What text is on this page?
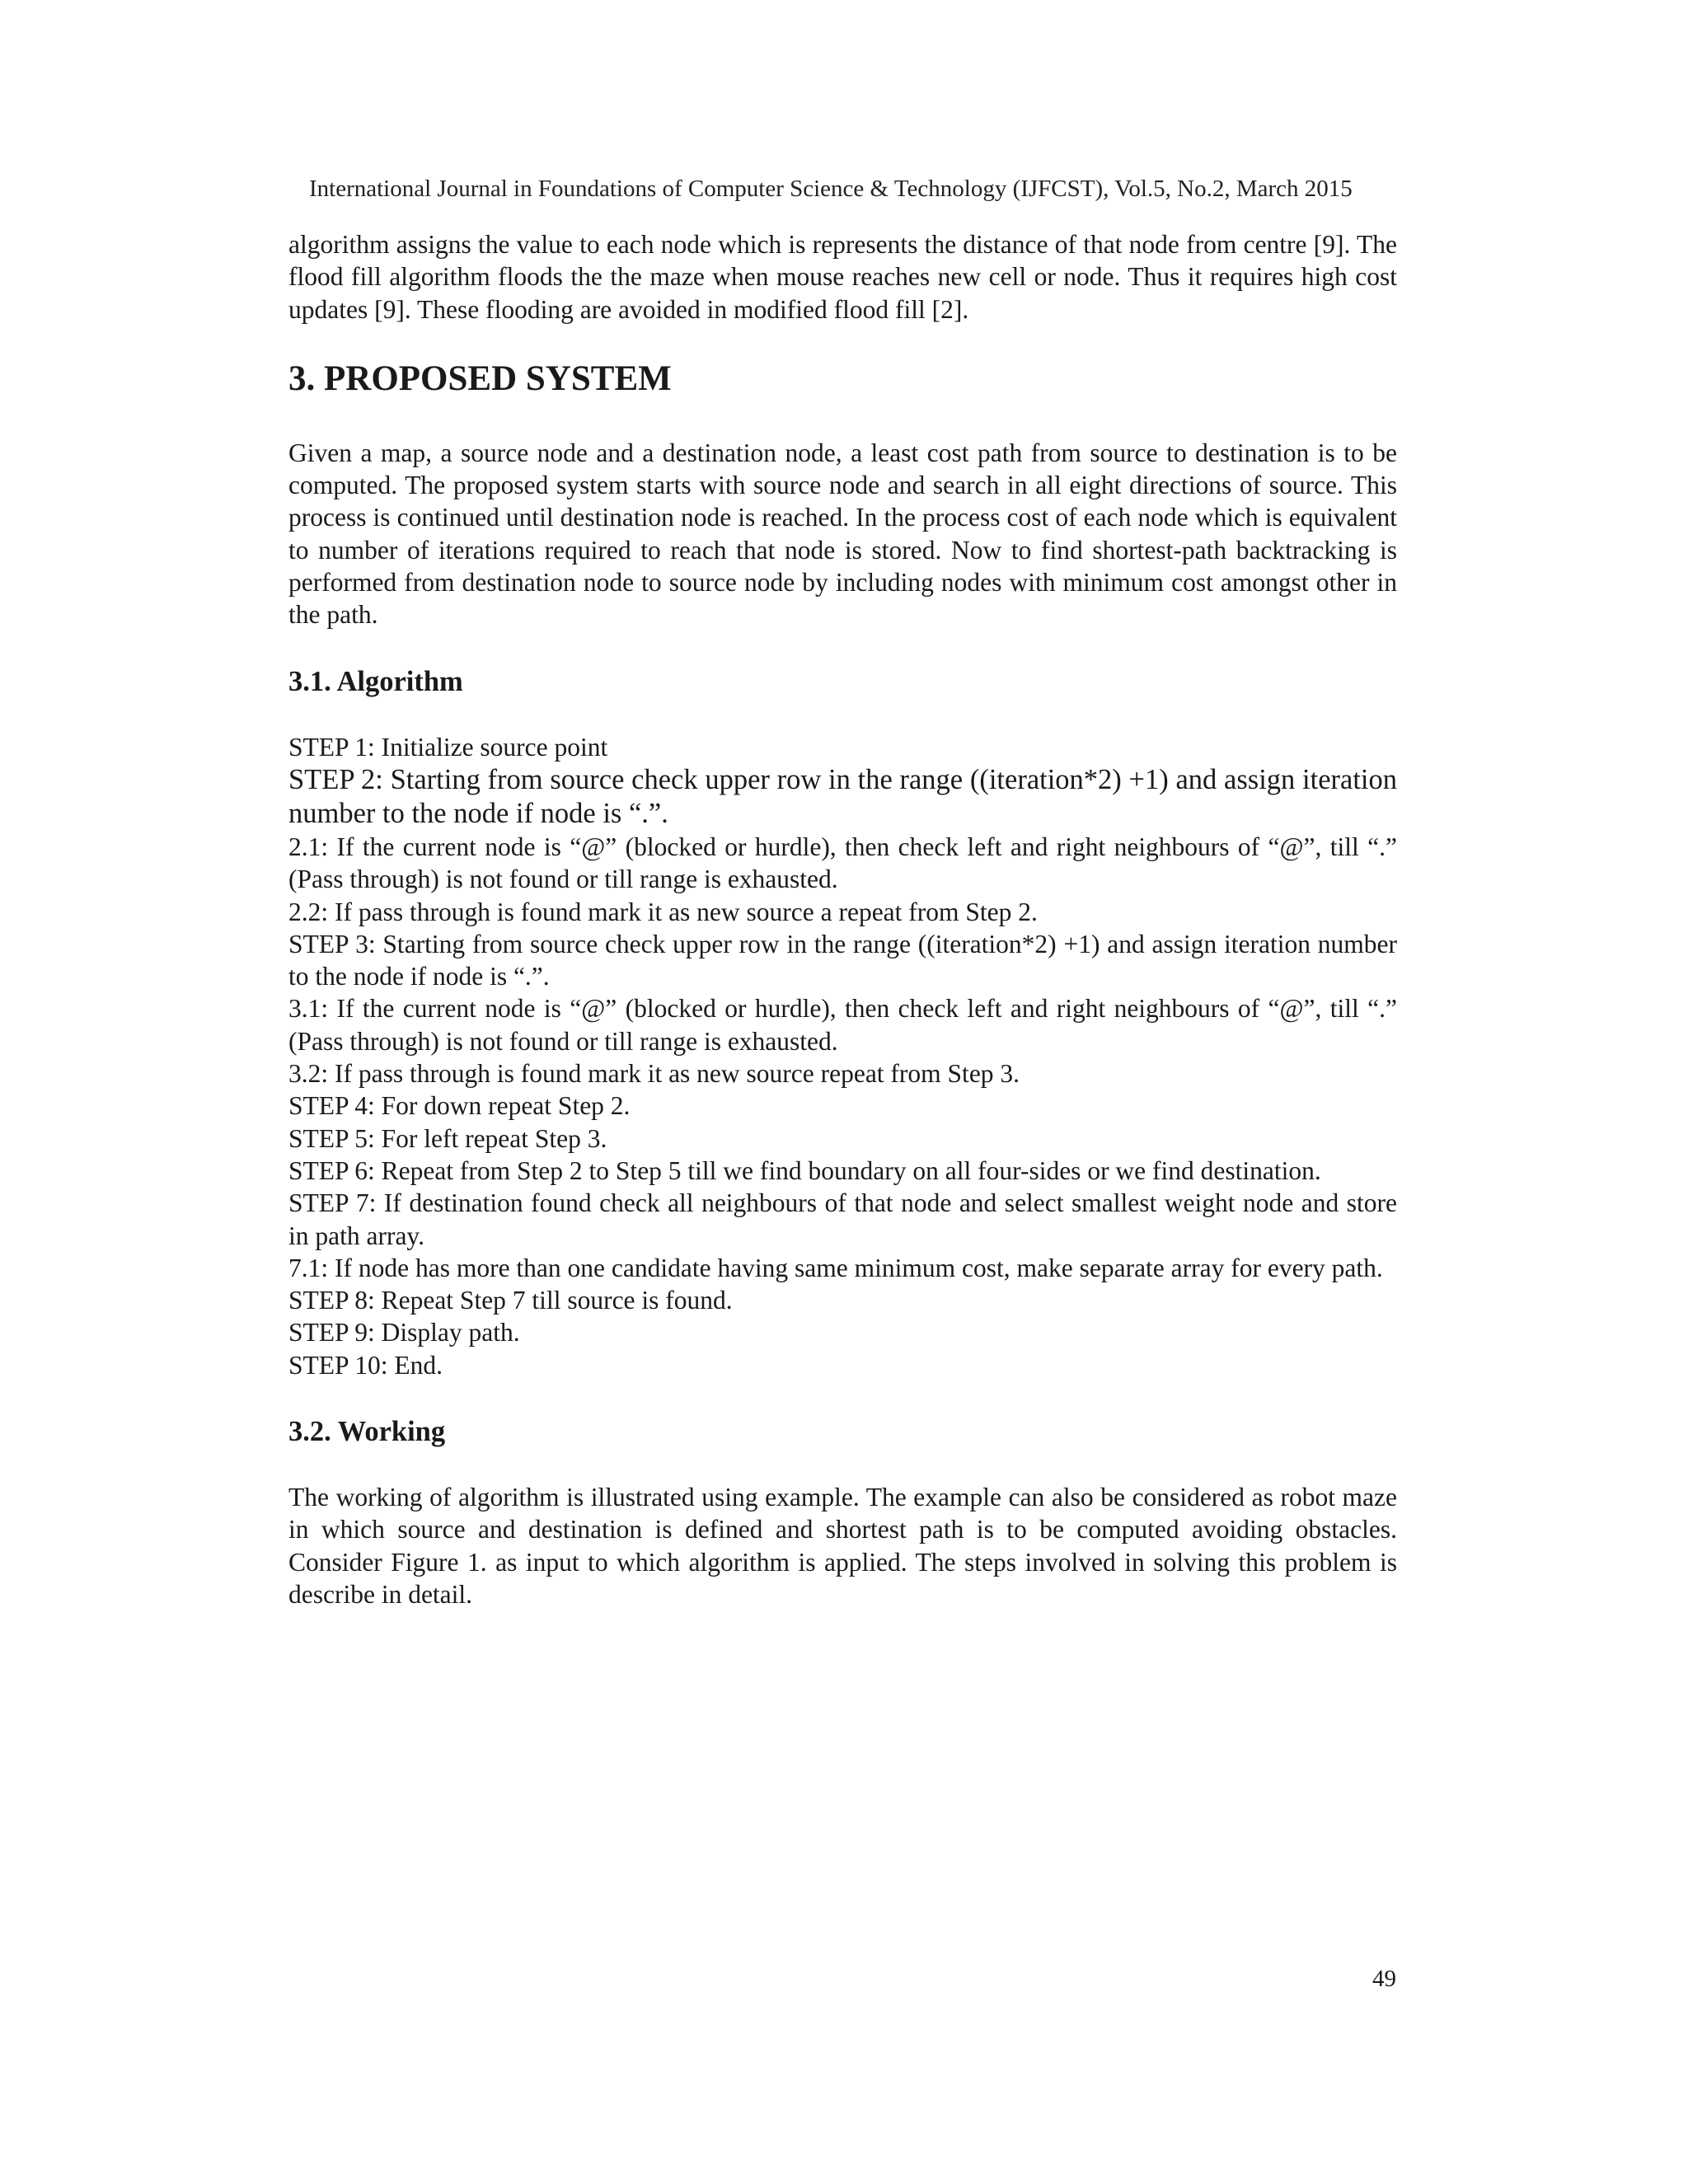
International Journal in Foundations of Computer Science & Technology (IJFCST), Vol.5, No.2, March 2015

algorithm assigns the value to each node which is represents the distance of that node from centre [9]. The flood fill algorithm floods the the maze when mouse reaches new cell or node. Thus it requires high cost updates [9]. These flooding are avoided in modified flood fill [2].

3. PROPOSED SYSTEM

Given a map, a source node and a destination node, a least cost path from source to destination is to be computed. The proposed system starts with source node and search in all eight directions of source. This process is continued until destination node is reached. In the process cost of each node which is equivalent to number of iterations required to reach that node is stored. Now to find shortest-path backtracking is performed from destination node to source node by including nodes with minimum cost amongst other in the path.

3.1. Algorithm

STEP 1: Initialize source point

STEP 2: Starting from source check upper row in the range ((iteration*2) +1) and assign iteration number to the node if node is “.”.

2.1: If the current node is “@” (blocked or hurdle), then check left and right neighbours of “@”, till “.” (Pass through) is not found or till range is exhausted.

2.2: If pass through is found mark it as new source a repeat from Step 2.

STEP 3: Starting from source check upper row in the range ((iteration*2) +1) and assign iteration number to the node if node is “.”.

3.1: If the current node is “@” (blocked or hurdle), then check left and right neighbours of “@”, till “.” (Pass through) is not found or till range is exhausted.

3.2: If pass through is found mark it as new source repeat from Step 3.

STEP 4: For down repeat Step 2.

STEP 5: For left repeat Step 3.

STEP 6: Repeat from Step 2 to Step 5 till we find boundary on all four-sides or we find destination.

STEP 7: If destination found check all neighbours of that node and select smallest weight node and store in path array.

7.1: If node has more than one candidate having same minimum cost, make separate array for every path.

STEP 8: Repeat Step 7 till source is found.

STEP 9: Display path.

STEP 10: End.

3.2. Working

The working of algorithm is illustrated using example. The example can also be considered as robot maze in which source and destination is defined and shortest path is to be computed avoiding obstacles. Consider Figure 1. as input to which algorithm is applied. The steps involved in solving this problem is describe in detail.

49
